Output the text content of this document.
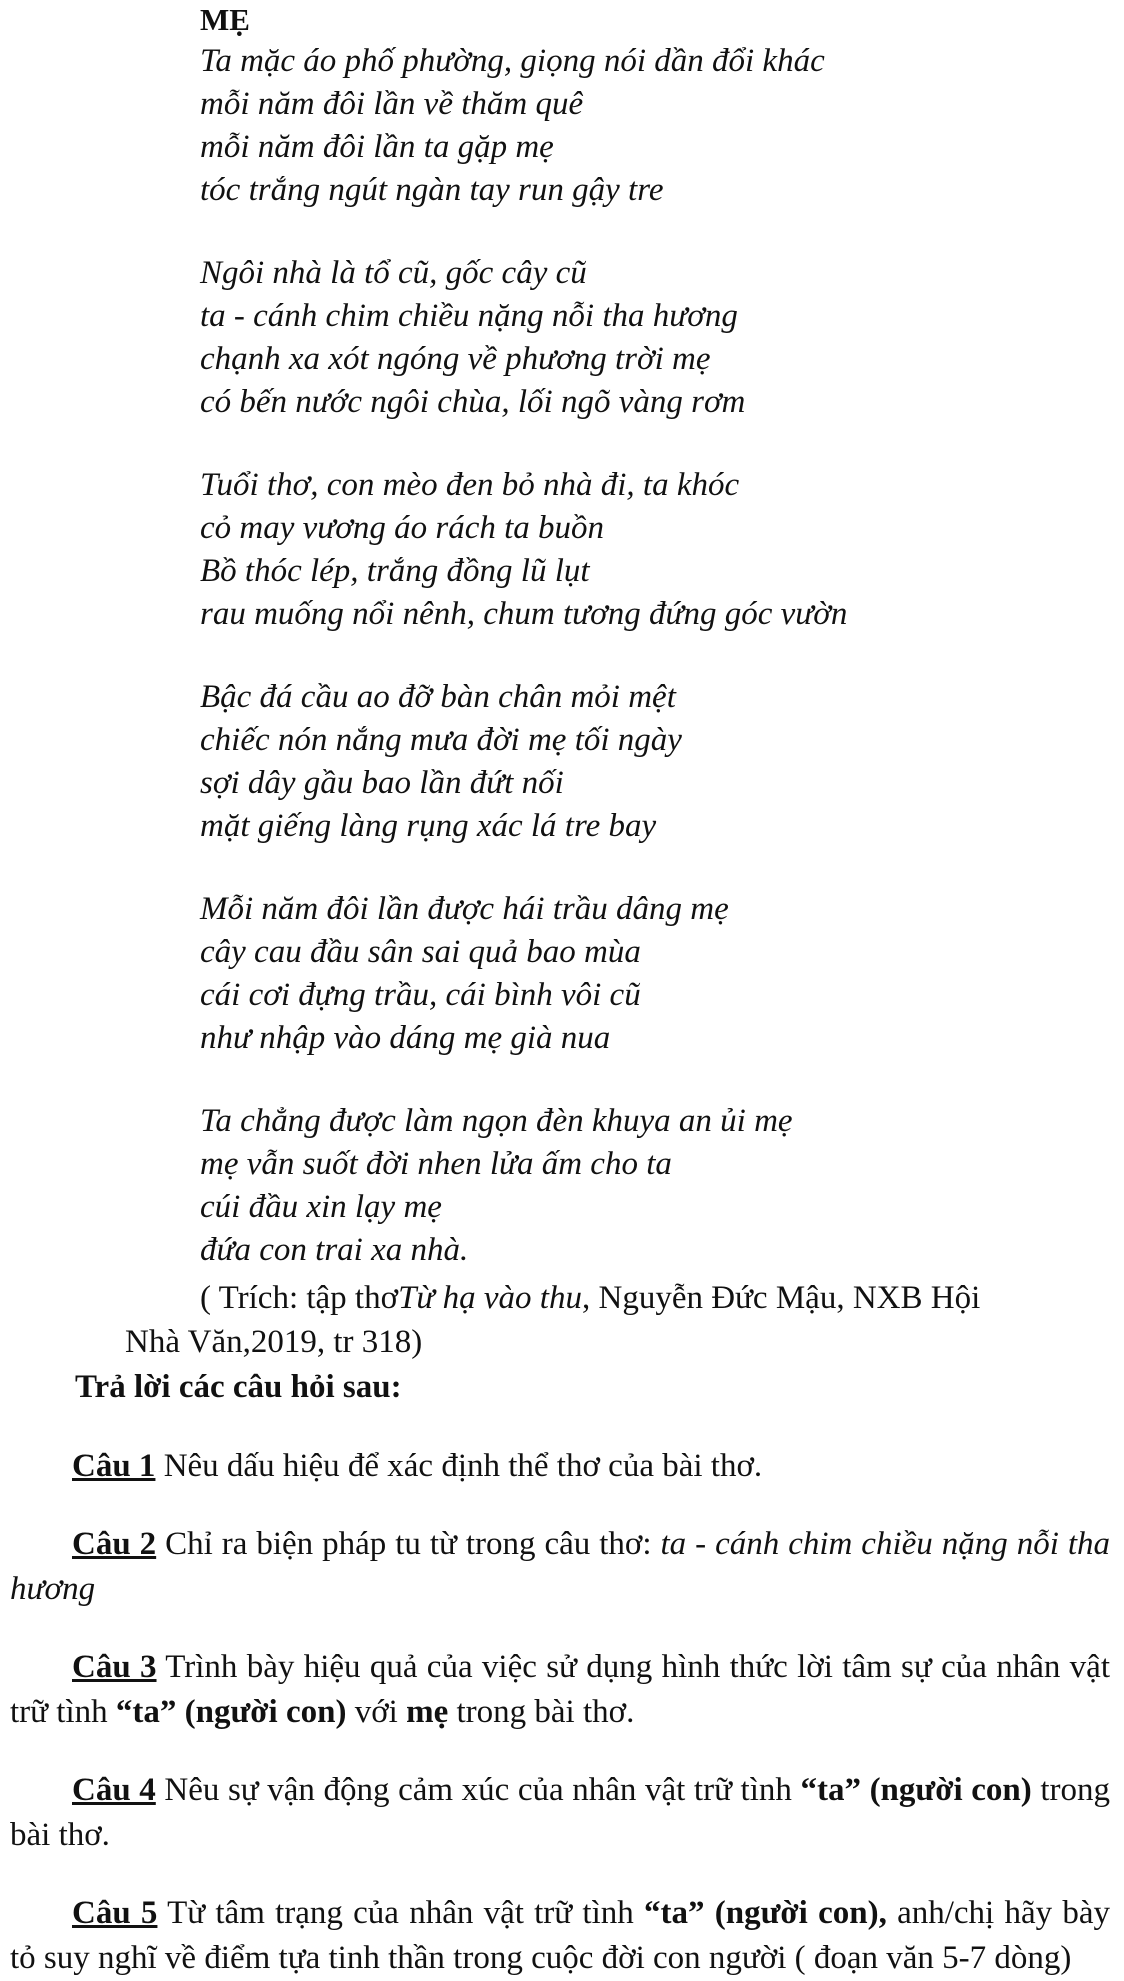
MẸ
Ta mặc áo phố phường, giọng nói dần đổi khác
mỗi năm đôi lần về thăm quê
mỗi năm đôi lần ta gặp mẹ
tóc trắng ngút ngàn tay run gậy tre
Ngôi nhà là tổ cũ, gốc cây cũ
ta - cánh chim chiều nặng nỗi tha hương
chạnh xa xót ngóng về phương trời mẹ
có bến nước ngôi chùa, lối ngõ vàng rơm
Tuổi thơ, con mèo đen bỏ nhà đi, ta khóc
cỏ may vương áo rách ta buồn
Bồ thóc lép, trắng đồng lũ lụt
rau muống nổi nênh, chum tương đứng góc vườn
Bậc đá cầu ao đỡ bàn chân mỏi mệt
chiếc nón nắng mưa đời mẹ tối ngày
sợi dây gầu bao lần đứt nối
mặt giếng làng rụng xác lá tre bay
Mỗi năm đôi lần được hái trầu dâng mẹ
cây cau đầu sân sai quả bao mùa
cái cơi đựng trầu, cái bình vôi cũ
như nhập vào dáng mẹ già nua
Ta chẳng được làm ngọn đèn khuya an ủi mẹ
mẹ vẫn suốt đời nhen lửa ấm cho ta
cúi đầu xin lạy mẹ
đứa con trai xa nhà.
( Trích: tập thơ Từ hạ vào thu , Nguyễn Đức Mậu, NXB Hội
Nhà Văn,2019, tr 318)
Trả lời các câu hỏi sau:

Câu 1 Nêu dấu hiệu để xác định thể thơ của bài thơ.

Câu 2 Chỉ ra biện pháp tu từ trong câu thơ: ta - cánh chim chiều nặng nỗi tha hương

Câu 3 Trình bày hiệu quả của việc sử dụng hình thức lời tâm sự của nhân vật trữ tình “ta” (người con) với mẹ trong bài thơ.

Câu 4 Nêu sự vận động cảm xúc của nhân vật trữ tình “ta” (người con) trong bài thơ.

Câu 5 Từ tâm trạng của nhân vật trữ tình “ta” (người con), anh/chị hãy bày tỏ suy nghĩ về điểm tựa tinh thần trong cuộc đời con người ( đoạn văn 5-7 dòng)
